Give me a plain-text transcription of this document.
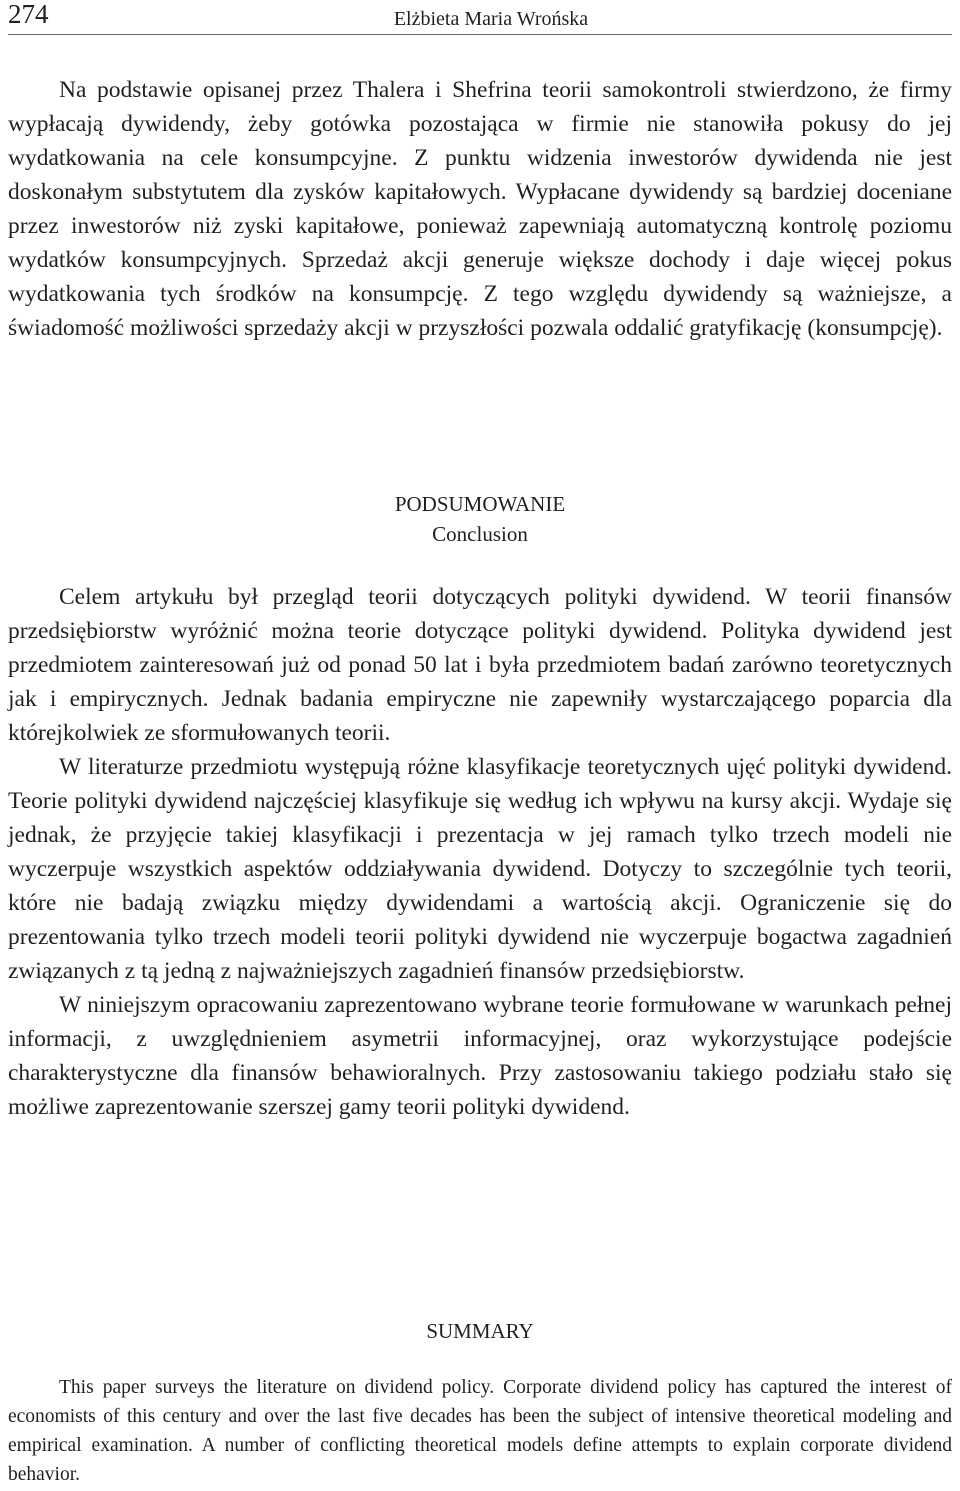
274	Elżbieta Maria Wrońska

Na podstawie opisanej przez Thalera i Shefrina teorii samokontroli stwierdzono, że firmy wypłacają dywidendy, żeby gotówka pozostająca w firmie nie stanowiła pokusy do jej wydatkowania na cele konsumpcyjne. Z punktu widzenia inwestorów dywidenda nie jest doskonałym substytutem dla zysków kapitałowych. Wypłacane dywidendy są bardziej doceniane przez inwestorów niż zyski kapitałowe, ponieważ zapewniają automatyczną kontrolę poziomu wydatków konsumpcyjnych. Sprzedaż akcji generuje większe dochody i daje więcej pokus wydatkowania tych środków na konsumpcję. Z tego względu dywidendy są ważniejsze, a świadomość możliwości sprzedaży akcji w przyszłości pozwala oddalić gratyfikację (konsumpcję).

PODSUMOWANIE
Conclusion

Celem artykułu był przegląd teorii dotyczących polityki dywidend. W teorii finansów przedsiębiorstw wyróżnić można teorie dotyczące polityki dywidend. Polityka dywidend jest przedmiotem zainteresowań już od ponad 50 lat i była przedmiotem badań zarówno teoretycznych jak i empirycznych. Jednak badania empiryczne nie zapewniły wystarczającego poparcia dla którejkolwiek ze sformułowanych teorii.

W literaturze przedmiotu występują różne klasyfikacje teoretycznych ujęć polityki dywidend. Teorie polityki dywidend najczęściej klasyfikuje się według ich wpływu na kursy akcji. Wydaje się jednak, że przyjęcie takiej klasyfikacji i prezentacja w jej ramach tylko trzech modeli nie wyczerpuje wszystkich aspektów oddziaływania dywidend. Dotyczy to szczególnie tych teorii, które nie badają związku między dywidendami a wartością akcji. Ograniczenie się do prezentowania tylko trzech modeli teorii polityki dywidend nie wyczerpuje bogactwa zagadnień związanych z tą jedną z najważniejszych zagadnień finansów przedsiębiorstw.

W niniejszym opracowaniu zaprezentowano wybrane teorie formułowane w warunkach pełnej informacji, z uwzględnieniem asymetrii informacyjnej, oraz wykorzystujące podejście charakterystyczne dla finansów behawioralnych. Przy zastosowaniu takiego podziału stało się możliwe zaprezentowanie szerszej gamy teorii polityki dywidend.

SUMMARY

This paper surveys the literature on dividend policy. Corporate dividend policy has captured the interest of economists of this century and over the last five decades has been the subject of intensive theoretical modeling and empirical examination. A number of conflicting theoretical models define attempts to explain corporate dividend behavior.
